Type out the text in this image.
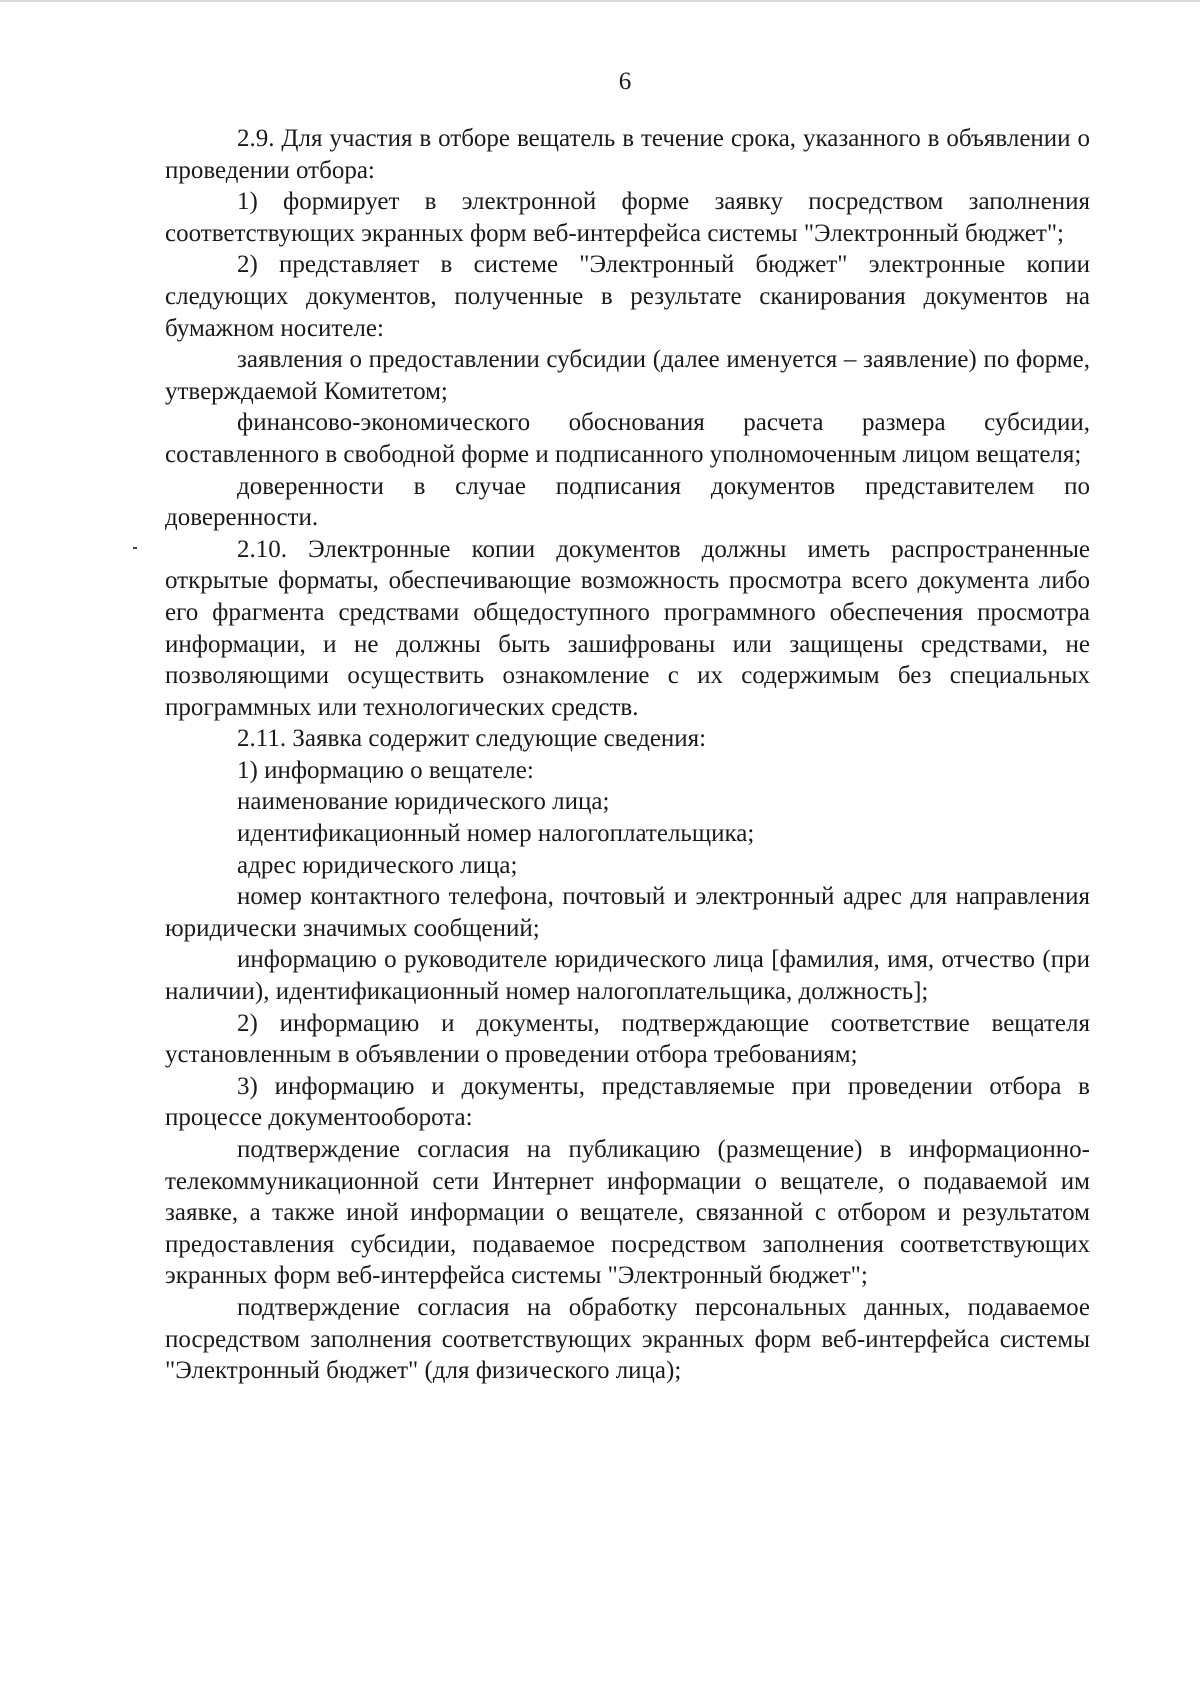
6

2.9. Для участия в отборе вещатель в течение срока, указанного в объявлении о проведении отбора:

1) формирует в электронной форме заявку посредством заполнения соответствующих экранных форм веб-интерфейса системы "Электронный бюджет";

2) представляет в системе "Электронный бюджет" электронные копии следующих документов, полученные в результате сканирования документов на бумажном носителе:

заявления о предоставлении субсидии (далее именуется – заявление) по форме, утверждаемой Комитетом;

финансово-экономического обоснования расчета размера субсидии, составленного в свободной форме и подписанного уполномоченным лицом вещателя;

доверенности в случае подписания документов представителем по доверенности.

2.10. Электронные копии документов должны иметь распространенные открытые форматы, обеспечивающие возможность просмотра всего документа либо его фрагмента средствами общедоступного программного обеспечения просмотра информации, и не должны быть зашифрованы или защищены средствами, не позволяющими осуществить ознакомление с их содержимым без специальных программных или технологических средств.

2.11. Заявка содержит следующие сведения:

1) информацию о вещателе:

наименование юридического лица;

идентификационный номер налогоплательщика;

адрес юридического лица;

номер контактного телефона, почтовый и электронный адрес для направления юридически значимых сообщений;

информацию о руководителе юридического лица [фамилия, имя, отчество (при наличии), идентификационный номер налогоплательщика, должность];

2) информацию и документы, подтверждающие соответствие вещателя установленным в объявлении о проведении отбора требованиям;

3) информацию и документы, представляемые при проведении отбора в процессе документооборота:

подтверждение согласия на публикацию (размещение) в информационно-телекоммуникационной сети Интернет информации о вещателе, о подаваемой им заявке, а также иной информации о вещателе, связанной с отбором и результатом предоставления субсидии, подаваемое посредством заполнения соответствующих экранных форм веб-интерфейса системы "Электронный бюджет";

подтверждение согласия на обработку персональных данных, подаваемое посредством заполнения соответствующих экранных форм веб-интерфейса системы "Электронный бюджет" (для физического лица);
